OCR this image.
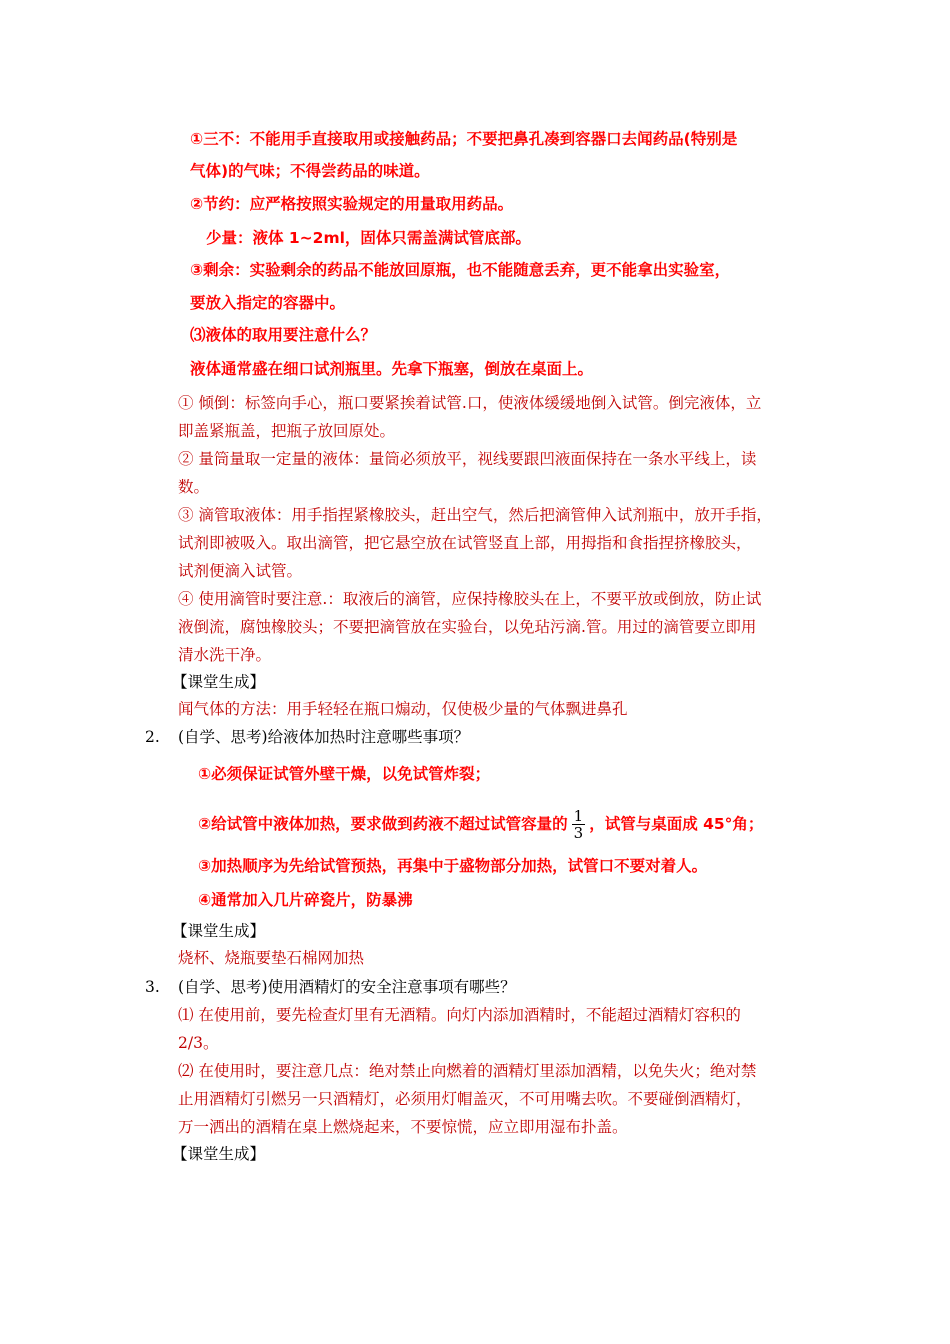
①三不：不能用手直接取用或接触药品；不要把鼻孔凑到容器口去闻药品(特别是
气体)的气味；不得尝药品的味道。
②节约：应严格按照实验规定的用量取用药品。
少量：液体 1~2ml，固体只需盖满试管底部。
③剩余：实验剩余的药品不能放回原瓶，也不能随意丢弃，更不能拿出实验室，
要放入指定的容器中。
⑶液体的取用要注意什么？
液体通常盛在细口试剂瓶里。先拿下瓶塞，倒放在桌面上。
① 倾倒：标签向手心，瓶口要紧挨着试管.口，使液体缓缓地倒入试管。倒完液体，立
即盖紧瓶盖，把瓶子放回原处。
② 量筒量取一定量的液体：量筒必须放平，视线要跟凹液面保持在一条水平线上，读
数。
③ 滴管取液体：用手指捏紧橡胶头，赶出空气，然后把滴管伸入试剂瓶中，放开手指，
试剂即被吸入。取出滴管，把它悬空放在试管竖直上部，用拇指和食指捏挤橡胶头，
试剂便滴入试管。
④ 使用滴管时要注意.：取液后的滴管，应保持橡胶头在上，不要平放或倒放，防止试
液倒流，腐蚀橡胶头；不要把滴管放在实验台，以免玷污滴.管。用过的滴管要立即用
清水洗干净。
【课堂生成】
闻气体的方法：用手轻轻在瓶口煽动，仅使极少量的气体飘进鼻孔
2. (自学、思考)给液体加热时注意哪些事项？
①必须保证试管外壁干燥，以免试管炸裂；
②给试管中液体加热，要求做到药液不超过试管容量的 $\frac{1}{3}$ ，试管与桌面成 45°角；
③加热顺序为先给试管预热，再集中于盛物部分加热，试管口不要对着人。
④通常加入几片碎瓷片，防暴沸
【课堂生成】
烧杯、烧瓶要垫石棉网加热
3. (自学、思考)使用酒精灯的安全注意事项有哪些？
⑴ 在使用前，要先检查灯里有无酒精。向灯内添加酒精时，不能超过酒精灯容积的
2/3。
⑵ 在使用时，要注意几点：绝对禁止向燃着的酒精灯里添加酒精，以免失火；绝对禁
止用酒精灯引燃另一只酒精灯，必须用灯帽盖灭，不可用嘴去吹。不要碰倒酒精灯，
万一洒出的酒精在桌上燃烧起来，不要惊慌，应立即用湿布扑盖。
【课堂生成】
